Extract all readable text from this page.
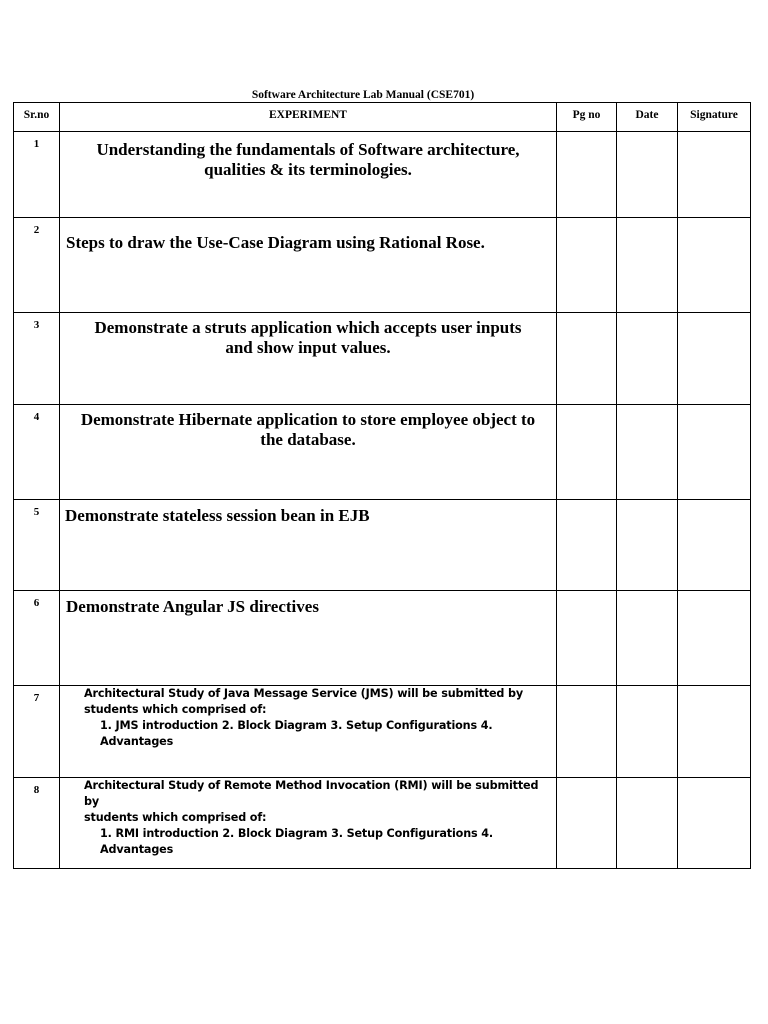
Software Architecture Lab Manual (CSE701)
Sr.no	EXPERIMENT	Pg no	Date	Signature
1	Understanding the fundamentals of Software architecture,
qualities & its terminologies.			

2	Steps to draw the Use-Case Diagram using Rational Rose.			

3	Demonstrate a struts application which accepts user inputs
and show input values.			

4	Demonstrate Hibernate application to store employee object to
the database.			

5	Demonstrate stateless session bean in EJB			

6	Demonstrate Angular JS directives			

7	Architectural Study of Java Message Service (JMS) will be submitted by
students which comprised of:
1. JMS introduction 2. Block Diagram 3. Setup Configurations 4. Advantages			

8	Architectural Study of Remote Method Invocation (RMI) will be submitted by
students which comprised of:
1. RMI introduction 2. Block Diagram 3. Setup Configurations 4. Advantages			
